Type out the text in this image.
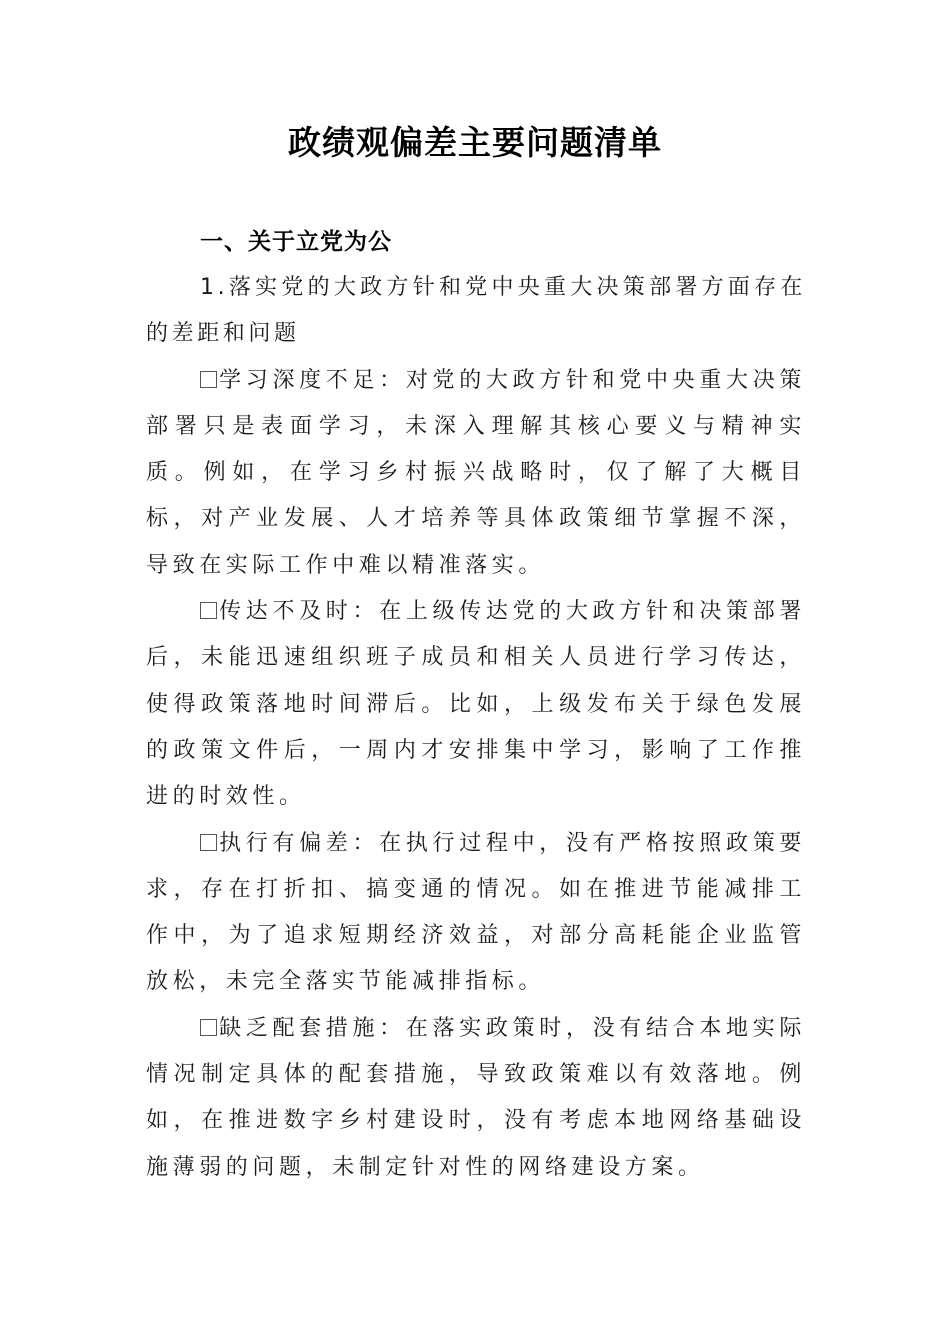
政绩观偏差主要问题清单

一、关于立党为公

1.落实党的大政方针和党中央重大决策部署方面存在的差距和问题

学习深度不足：对党的大政方针和党中央重大决策部署只是表面学习，未深入理解其核心要义与精神实质。例如，在学习乡村振兴战略时，仅了解了大概目标，对产业发展、人才培养等具体政策细节掌握不深，导致在实际工作中难以精准落实。

传达不及时：在上级传达党的大政方针和决策部署后，未能迅速组织班子成员和相关人员进行学习传达，使得政策落地时间滞后。比如，上级发布关于绿色发展的政策文件后，一周内才安排集中学习，影响了工作推进的时效性。

执行有偏差：在执行过程中，没有严格按照政策要求，存在打折扣、搞变通的情况。如在推进节能减排工作中，为了追求短期经济效益，对部分高耗能企业监管放松，未完全落实节能减排指标。

缺乏配套措施：在落实政策时，没有结合本地实际情况制定具体的配套措施，导致政策难以有效落地。例如，在推进数字乡村建设时，没有考虑本地网络基础设施薄弱的问题，未制定针对性的网络建设方案。
